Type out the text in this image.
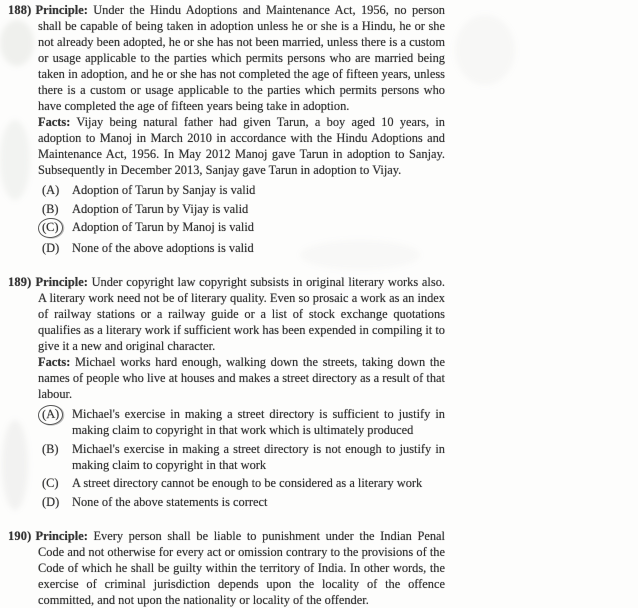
188) Principle: Under the Hindu Adoptions and Maintenance Act, 1956, no person shall be capable of being taken in adoption unless he or she is a Hindu, he or she not already been adopted, he or she has not been married, unless there is a custom or usage applicable to the parties which permits persons who are married being taken in adoption, and he or she has not completed the age of fifteen years, unless there is a custom or usage applicable to the parties which permits persons who have completed the age of fifteen years being take in adoption.
Facts: Vijay being natural father had given Tarun, a boy aged 10 years, in adoption to Manoj in March 2010 in accordance with the Hindu Adoptions and Maintenance Act, 1956. In May 2012 Manoj gave Tarun in adoption to Sanjay. Subsequently in December 2013, Sanjay gave Tarun in adoption to Vijay.
(A)	Adoption of Tarun by Sanjay is valid
(B)	Adoption of Tarun by Vijay is valid
(C)	Adoption of Tarun by Manoj is valid
(D)	None of the above adoptions is valid
189) Principle: Under copyright law copyright subsists in original literary works also. A literary work need not be of literary quality. Even so prosaic a work as an index of railway stations or a railway guide or a list of stock exchange quotations qualifies as a literary work if sufficient work has been expended in compiling it to give it a new and original character.
Facts: Michael works hard enough, walking down the streets, taking down the names of people who live at houses and makes a street directory as a result of that labour.
(A) Michael's exercise in making a street directory is sufficient to justify in making claim to copyright in that work which is ultimately produced
(B)	Michael's exercise in making a street directory is not enough to justify in making claim to copyright in that work
(C)	A street directory cannot be enough to be considered as a literary work
(D)	None of the above statements is correct
190) Principle: Every person shall be liable to punishment under the Indian Penal Code and not otherwise for every act or omission contrary to the provisions of the Code of which he shall be guilty within the territory of India. In other words, the exercise of criminal jurisdiction depends upon the locality of the offence committed, and not upon the nationality or locality of the offender.
